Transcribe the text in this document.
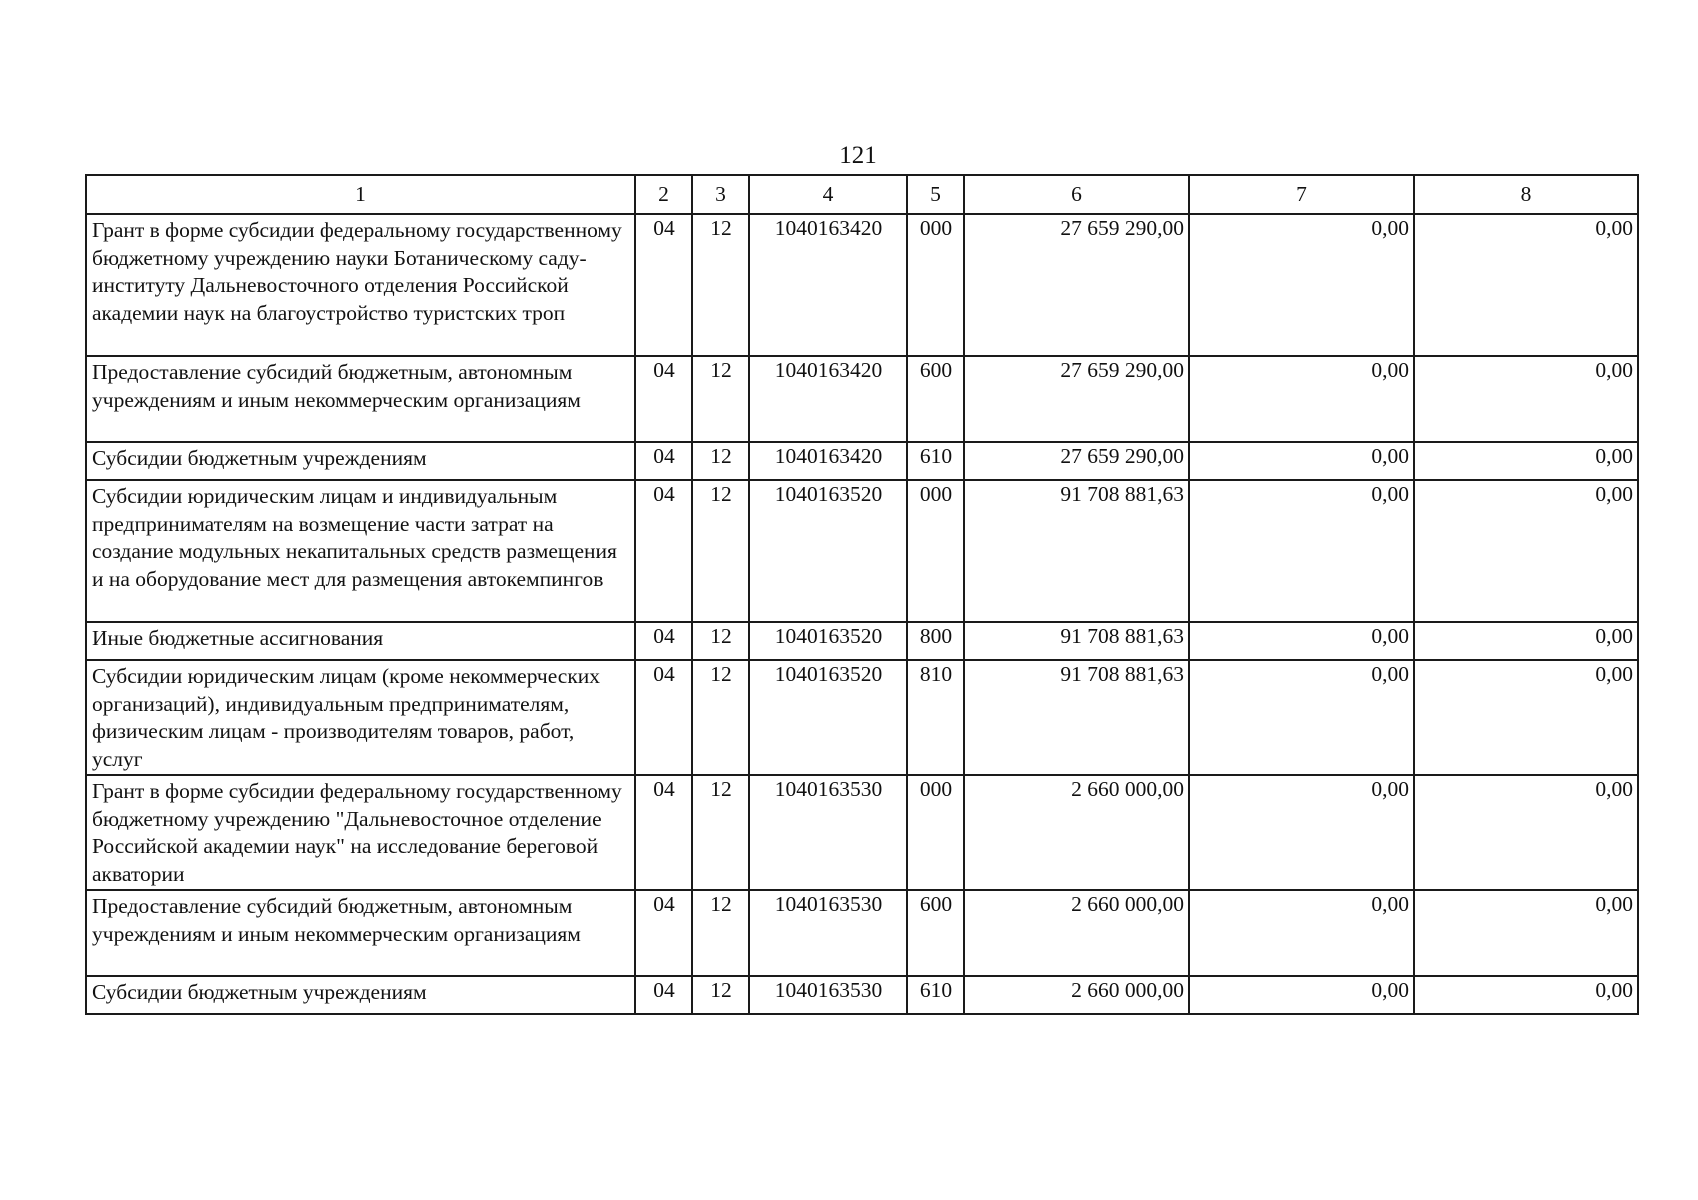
121
1	2	3	4	5	6	7	8

Грант в форме субсидии федеральному государственному бюджетному учреждению науки Ботаническому саду-институту Дальневосточного отделения Российской академии наук на благоустройство туристских троп	04	12	1040163420	000	27 659 290,00	0,00	0,00

Предоставление субсидий бюджетным, автономным учреждениям и иным некоммерческим организациям	04	12	1040163420	600	27 659 290,00	0,00	0,00

Субсидии бюджетным учреждениям	04	12	1040163420	610	27 659 290,00	0,00	0,00

Субсидии юридическим лицам и индивидуальным предпринимателям на возмещение части затрат на создание модульных некапитальных средств размещения и на оборудование мест для размещения автокемпингов	04	12	1040163520	000	91 708 881,63	0,00	0,00

Иные бюджетные ассигнования	04	12	1040163520	800	91 708 881,63	0,00	0,00

Субсидии юридическим лицам (кроме некоммерческих организаций), индивидуальным предпринимателям, физическим лицам - производителям товаров, работ, услуг	04	12	1040163520	810	91 708 881,63	0,00	0,00

Грант в форме субсидии федеральному государственному бюджетному учреждению "Дальневосточное отделение Российской академии наук" на исследование береговой акватории	04	12	1040163530	000	2 660 000,00	0,00	0,00

Предоставление субсидий бюджетным, автономным учреждениям и иным некоммерческим организациям	04	12	1040163530	600	2 660 000,00	0,00	0,00

Субсидии бюджетным учреждениям	04	12	1040163530	610	2 660 000,00	0,00	0,00
